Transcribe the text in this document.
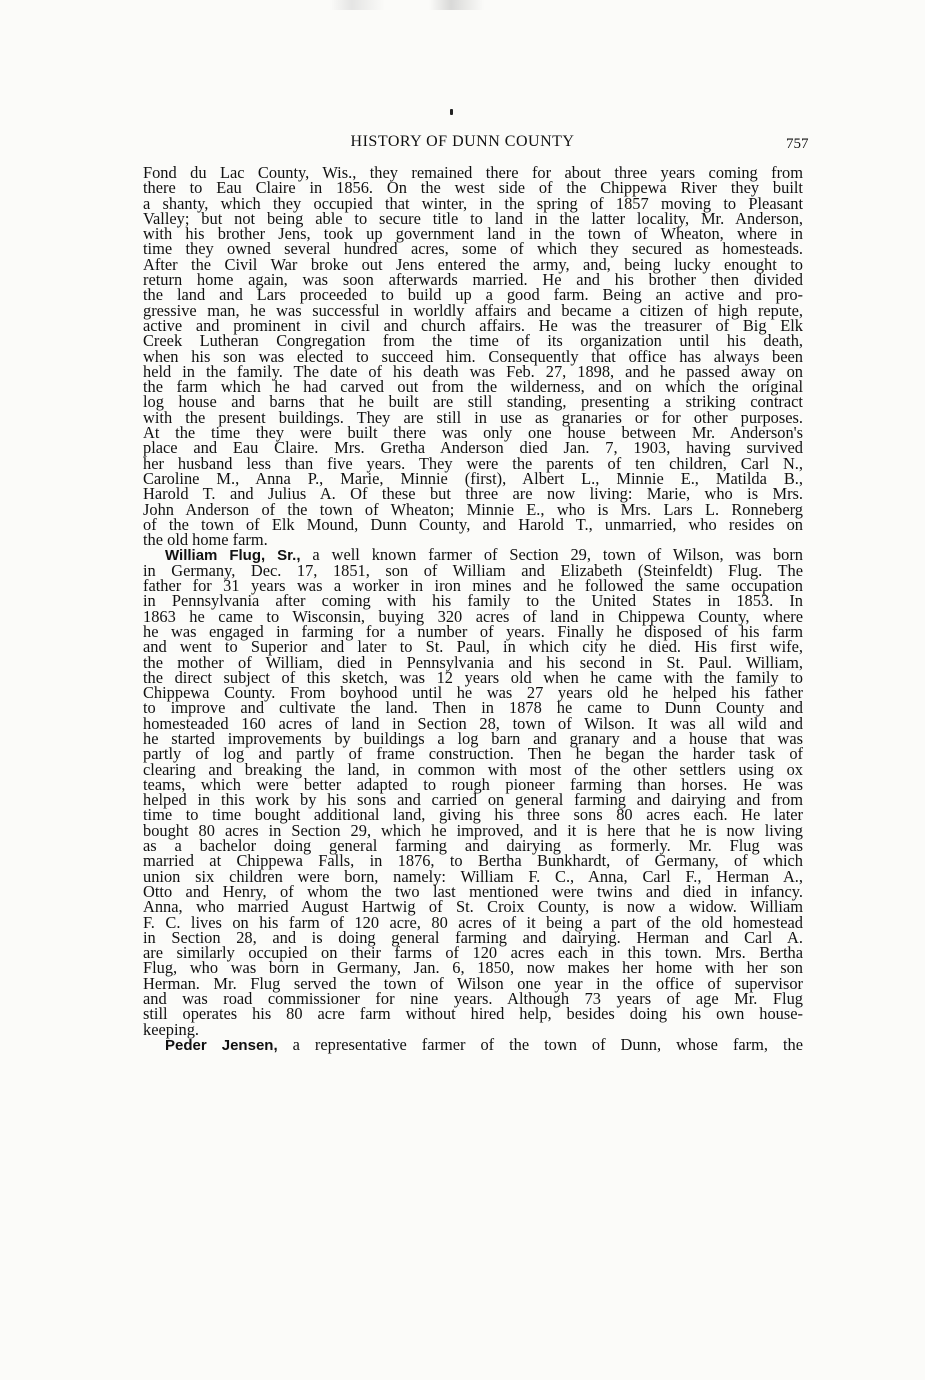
HISTORY OF DUNN COUNTY	757

Fond du Lac County, Wis., they remained there for about three years coming from
there to Eau Claire in 1856. On the west side of the Chippewa River they built
a shanty, which they occupied that winter, in the spring of 1857 moving to Pleasant
Valley; but not being able to secure title to land in the latter locality, Mr. Anderson,
with his brother Jens, took up government land in the town of Wheaton, where in
time they owned several hundred acres, some of which they secured as homesteads.
After the Civil War broke out Jens entered the army, and, being lucky enought to
return home again, was soon afterwards married. He and his brother then divided
the land and Lars proceeded to build up a good farm. Being an active and pro-
gressive man, he was successful in worldly affairs and became a citizen of high repute,
active and prominent in civil and church affairs. He was the treasurer of Big Elk
Creek Lutheran Congregation from the time of its organization until his death,
when his son was elected to succeed him. Consequently that office has always been
held in the family. The date of his death was Feb. 27, 1898, and he passed away on
the farm which he had carved out from the wilderness, and on which the original
log house and barns that he built are still standing, presenting a striking contract
with the present buildings. They are still in use as granaries or for other purposes.
At the time they were built there was only one house between Mr. Anderson's
place and Eau Claire. Mrs. Gretha Anderson died Jan. 7, 1903, having survived
her husband less than five years. They were the parents of ten children, Carl N.,
Caroline M., Anna P., Marie, Minnie (first), Albert L., Minnie E., Matilda B.,
Harold T. and Julius A. Of these but three are now living: Marie, who is Mrs.
John Anderson of the town of Wheaton; Minnie E., who is Mrs. Lars L. Ronneberg
of the town of Elk Mound, Dunn County, and Harold T., unmarried, who resides on
the old home farm.

William Flug, Sr., a well known farmer of Section 29, town of Wilson, was born
in Germany, Dec. 17, 1851, son of William and Elizabeth (Steinfeldt) Flug. The
father for 31 years was a worker in iron mines and he followed the same occupation
in Pennsylvania after coming with his family to the United States in 1853. In
1863 he came to Wisconsin, buying 320 acres of land in Chippewa County, where
he was engaged in farming for a number of years. Finally he disposed of his farm
and went to Superior and later to St. Paul, in which city he died. His first wife,
the mother of William, died in Pennsylvania and his second in St. Paul. William,
the direct subject of this sketch, was 12 years old when he came with the family to
Chippewa County. From boyhood until he was 27 years old he helped his father
to improve and cultivate the land. Then in 1878 he came to Dunn County and
homesteaded 160 acres of land in Section 28, town of Wilson. It was all wild and
he started improvements by buildings a log barn and granary and a house that was
partly of log and partly of frame construction. Then he began the harder task of
clearing and breaking the land, in common with most of the other settlers using ox
teams, which were better adapted to rough pioneer farming than horses. He was
helped in this work by his sons and carried on general farming and dairying and from
time to time bought additional land, giving his three sons 80 acres each. He later
bought 80 acres in Section 29, which he improved, and it is here that he is now living
as a bachelor doing general farming and dairying as formerly. Mr. Flug was
married at Chippewa Falls, in 1876, to Bertha Bunkhardt, of Germany, of which
union six children were born, namely: William F. C., Anna, Carl F., Herman A.,
Otto and Henry, of whom the two last mentioned were twins and died in infancy.
Anna, who married August Hartwig of St. Croix County, is now a widow. William
F. C. lives on his farm of 120 acre, 80 acres of it being a part of the old homestead
in Section 28, and is doing general farming and dairying. Herman and Carl A.
are similarly occupied on their farms of 120 acres each in this town. Mrs. Bertha
Flug, who was born in Germany, Jan. 6, 1850, now makes her home with her son
Herman. Mr. Flug served the town of Wilson one year in the office of supervisor
and was road commissioner for nine years. Although 73 years of age Mr. Flug
still operates his 80 acre farm without hired help, besides doing his own house-
keeping.

Peder Jensen, a representative farmer of the town of Dunn, whose farm, the
